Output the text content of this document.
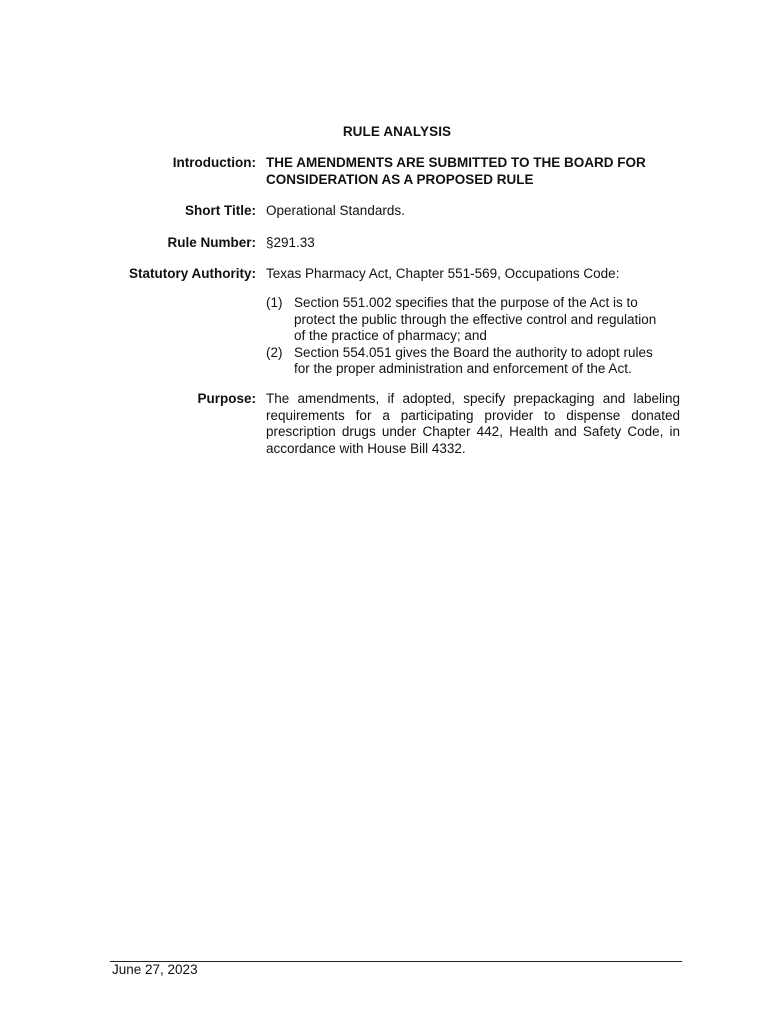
RULE ANALYSIS
Introduction: THE AMENDMENTS ARE SUBMITTED TO THE BOARD FOR CONSIDERATION AS A PROPOSED RULE
Short Title: Operational Standards.
Rule Number: §291.33
Statutory Authority: Texas Pharmacy Act, Chapter 551-569, Occupations Code:
(1) Section 551.002 specifies that the purpose of the Act is to protect the public through the effective control and regulation of the practice of pharmacy; and
(2) Section 554.051 gives the Board the authority to adopt rules for the proper administration and enforcement of the Act.
Purpose: The amendments, if adopted, specify prepackaging and labeling requirements for a participating provider to dispense donated prescription drugs under Chapter 442, Health and Safety Code, in accordance with House Bill 4332.
June 27, 2023
